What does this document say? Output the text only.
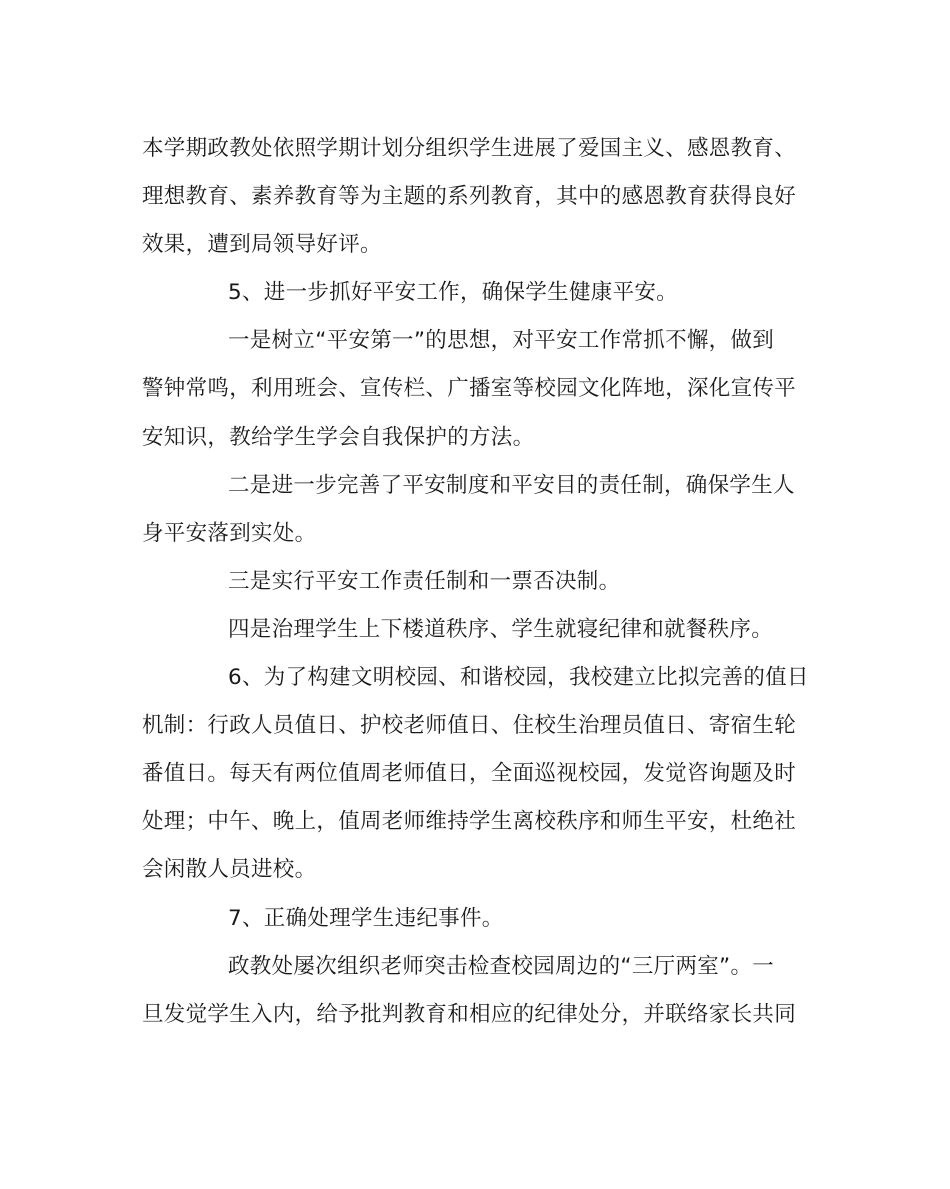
本学期政教处依照学期计划分组织学生进展了爱国主义、感恩教育、
理想教育、素养教育等为主题的系列教育，其中的感恩教育获得良好
效果，遭到局领导好评。
5、进一步抓好平安工作，确保学生健康平安。
一是树立“平安第一”的思想，对平安工作常抓不懈，做到
警钟常鸣，利用班会、宣传栏、广播室等校园文化阵地，深化宣传平
安知识，教给学生学会自我保护的方法。
二是进一步完善了平安制度和平安目的责任制，确保学生人
身平安落到实处。
三是实行平安工作责任制和一票否决制。
四是治理学生上下楼道秩序、学生就寝纪律和就餐秩序。
6、为了构建文明校园、和谐校园，我校建立比拟完善的值日
机制：行政人员值日、护校老师值日、住校生治理员值日、寄宿生轮
番值日。每天有两位值周老师值日，全面巡视校园，发觉咨询题及时
处理；中午、晚上，值周老师维持学生离校秩序和师生平安，杜绝社
会闲散人员进校。
7、正确处理学生违纪事件。
政教处屡次组织老师突击检查校园周边的“三厅两室”。一
旦发觉学生入内，给予批判教育和相应的纪律处分，并联络家长共同
